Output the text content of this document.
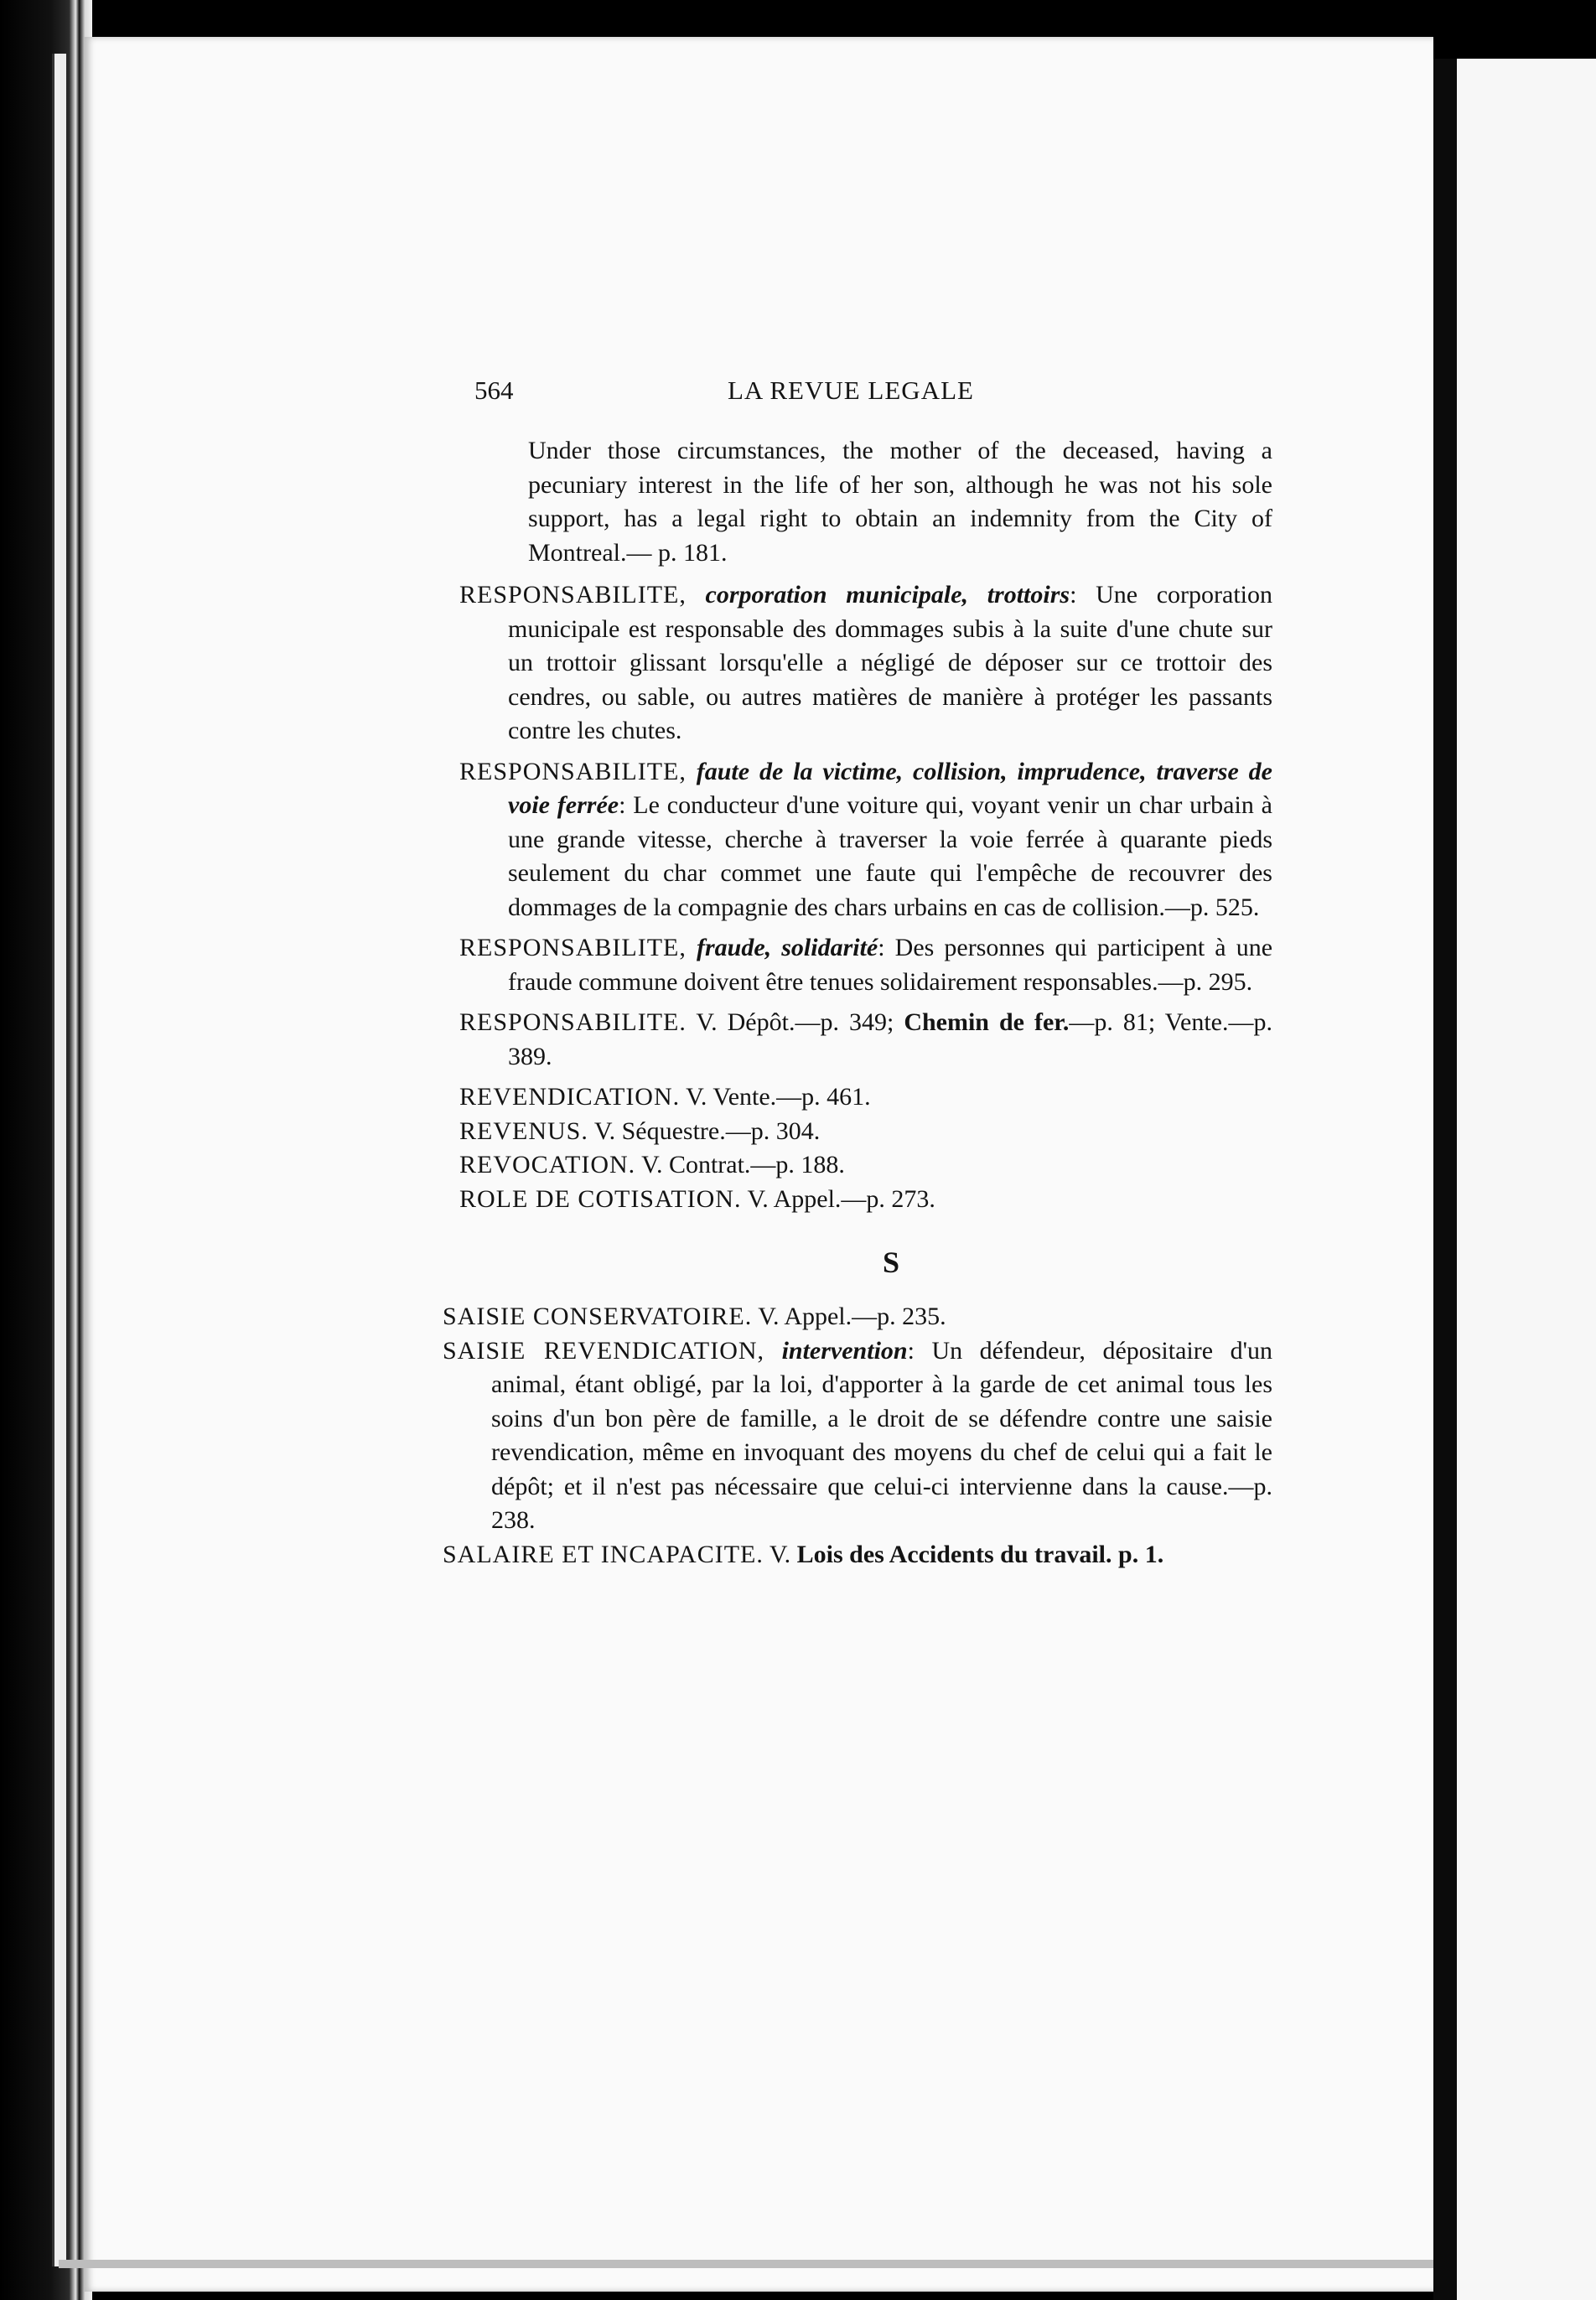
564	LA REVUE LEGALE

Under those circumstances, the mother of the deceased, having a pecuniary interest in the life of her son, although he was not his sole support, has a legal right to obtain an indemnity from the City of Montreal.— p. 181.

RESPONSABILITE, corporation municipale, trottoirs: Une corporation municipale est responsable des dommages subis à la suite d'une chute sur un trottoir glissant lorsqu'elle a négligé de déposer sur ce trottoir des cendres, ou sable, ou autres matières de manière à protéger les passants contre les chutes.

RESPONSABILITE, faute de la victime, collision, imprudence, traverse de voie ferrée: Le conducteur d'une voiture qui, voyant venir un char urbain à une grande vitesse, cherche à traverser la voie ferrée à quarante pieds seulement du char commet une faute qui l'empêche de recouvrer des dommages de la compagnie des chars urbains en cas de collision.—p. 525.

RESPONSABILITE, fraude, solidarité: Des personnes qui participent à une fraude commune doivent être tenues solidairement responsables.—p. 295.

RESPONSABILITE. V. Dépôt.—p. 349; Chemin de fer.—p. 81; Vente.—p. 389.

REVENDICATION. V. Vente.—p. 461.

REVENUS. V. Séquestre.—p. 304.

REVOCATION. V. Contrat.—p. 188.

ROLE DE COTISATION. V. Appel.—p. 273.

S

SAISIE CONSERVATOIRE. V. Appel.—p. 235.

SAISIE REVENDICATION, intervention: Un défendeur, dépositaire d'un animal, étant obligé, par la loi, d'apporter à la garde de cet animal tous les soins d'un bon père de famille, a le droit de se défendre contre une saisie revendication, même en invoquant des moyens du chef de celui qui a fait le dépôt; et il n'est pas nécessaire que celui-ci intervienne dans la cause.—p. 238.

SALAIRE ET INCAPACITE. V. Lois des Accidents du travail. p. 1.
